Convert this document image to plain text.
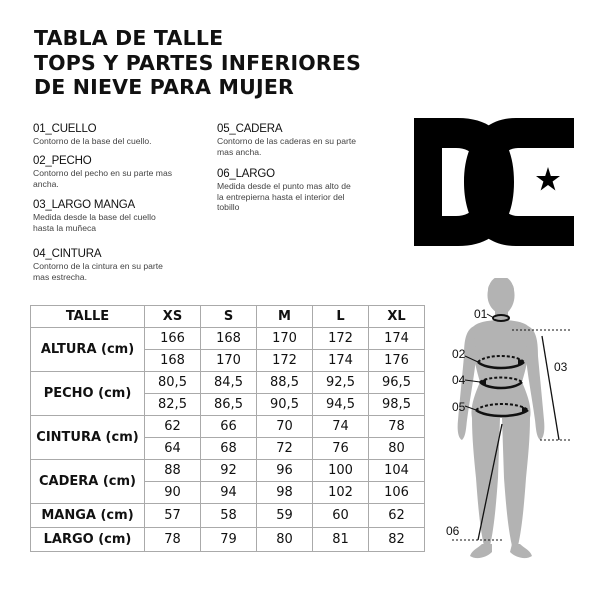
TABLA DE TALLE
TOPS Y PARTES INFERIORES
DE NIEVE PARA MUJER
01_CUELLO
Contorno de la base del cuello.
02_PECHO
Contorno del pecho en su parte mas
ancha.
03_LARGO MANGA
Medida desde la base del cuello
hasta la muñeca
04_CINTURA
Contorno de la cintura en su parte
mas estrecha.
05_CADERA
Contorno de las caderas en su parte
mas ancha.
06_LARGO
Medida desde el punto mas alto de
la entrepierna hasta el interior del
tobillo
TALLE	XS	S	M	L	XL
ALTURA (cm)	166	168	170	172	174
	168	170	172	174	176
PECHO (cm)	80,5	84,5	88,5	92,5	96,5
	82,5	86,5	90,5	94,5	98,5
CINTURA (cm)	62	66	70	74	78
	64	68	72	76	80
CADERA (cm)	88	92	96	100	104
	90	94	98	102	106
MANGA (cm)	57	58	59	60	62
LARGO (cm)	78	79	80	81	82
01
02
03
04
05
06
